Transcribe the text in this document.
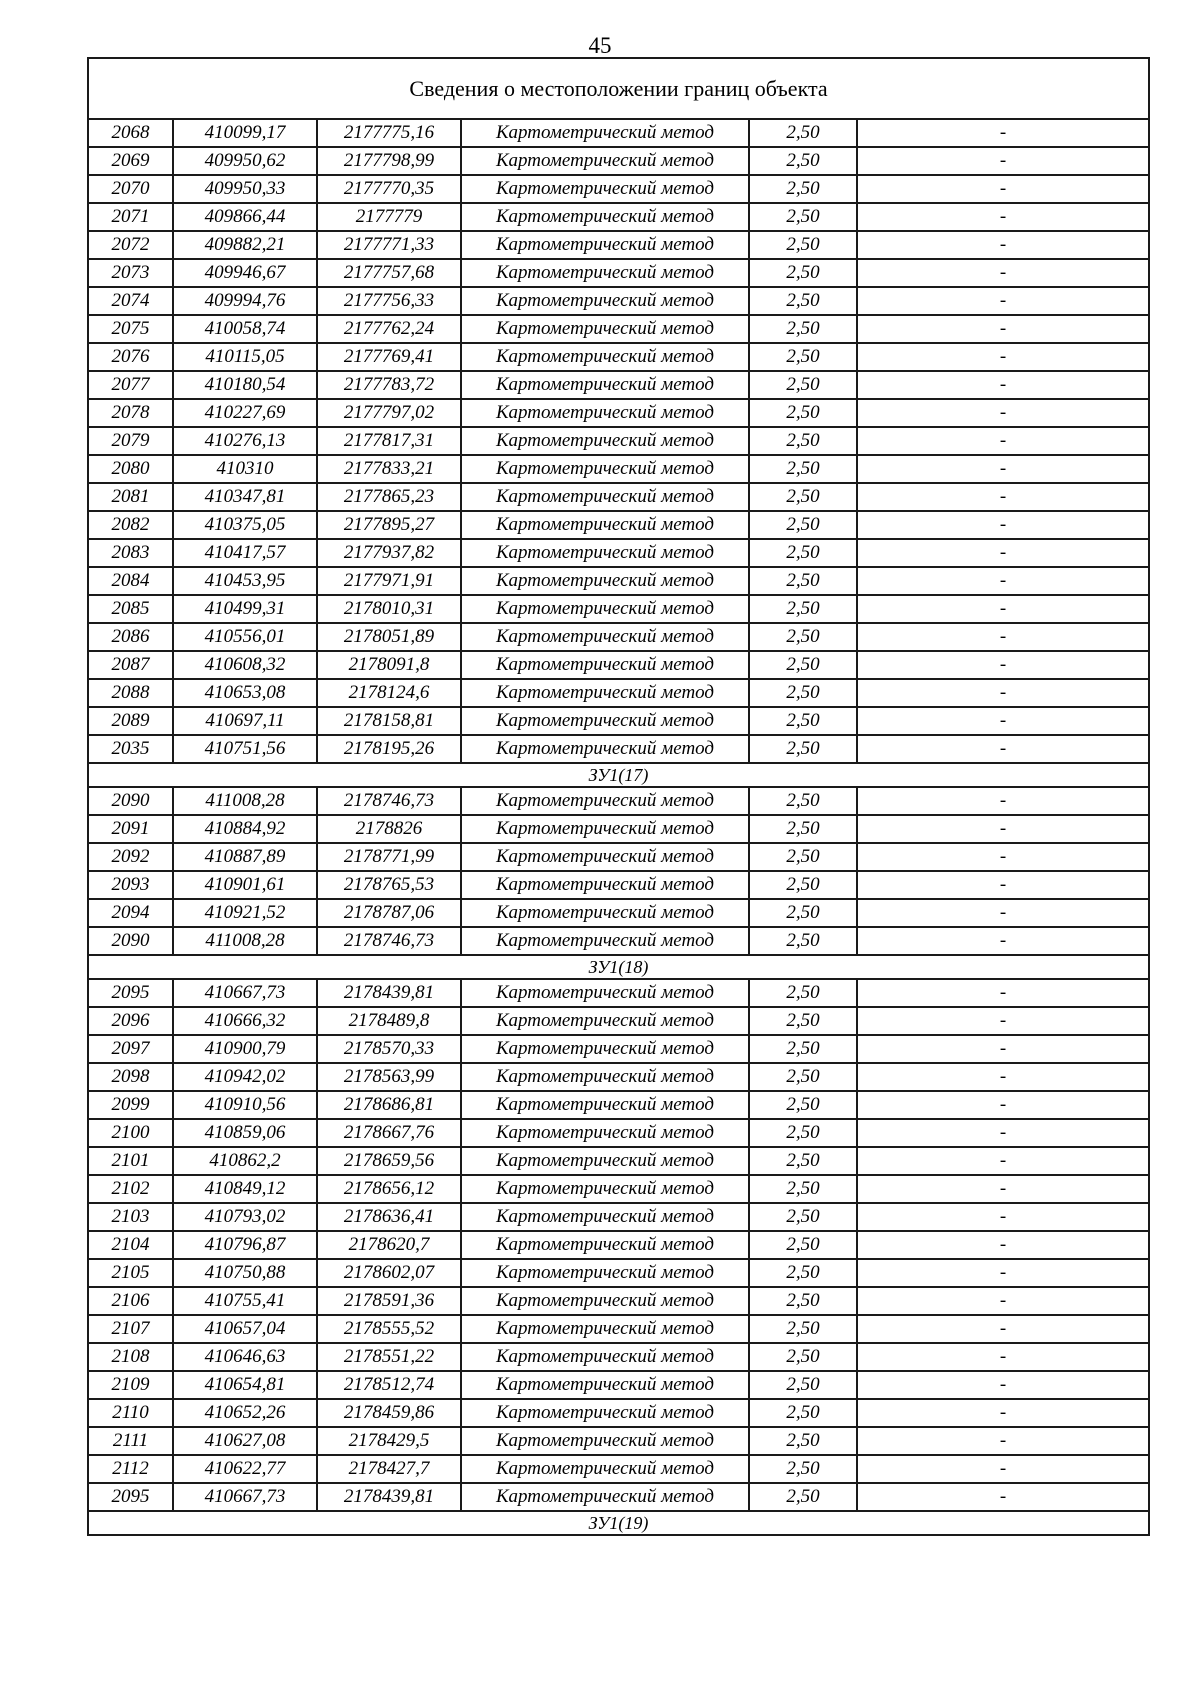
45
Сведения о местоположении границ объекта					
2068	410099,17	2177775,16	Картометрический метод	2,50	-
2069	409950,62	2177798,99	Картометрический метод	2,50	-
2070	409950,33	2177770,35	Картометрический метод	2,50	-
2071	409866,44	2177779	Картометрический метод	2,50	-
2072	409882,21	2177771,33	Картометрический метод	2,50	-
2073	409946,67	2177757,68	Картометрический метод	2,50	-
2074	409994,76	2177756,33	Картометрический метод	2,50	-
2075	410058,74	2177762,24	Картометрический метод	2,50	-
2076	410115,05	2177769,41	Картометрический метод	2,50	-
2077	410180,54	2177783,72	Картометрический метод	2,50	-
2078	410227,69	2177797,02	Картометрический метод	2,50	-
2079	410276,13	2177817,31	Картометрический метод	2,50	-
2080	410310	2177833,21	Картометрический метод	2,50	-
2081	410347,81	2177865,23	Картометрический метод	2,50	-
2082	410375,05	2177895,27	Картометрический метод	2,50	-
2083	410417,57	2177937,82	Картометрический метод	2,50	-
2084	410453,95	2177971,91	Картометрический метод	2,50	-
2085	410499,31	2178010,31	Картометрический метод	2,50	-
2086	410556,01	2178051,89	Картометрический метод	2,50	-
2087	410608,32	2178091,8	Картометрический метод	2,50	-
2088	410653,08	2178124,6	Картометрический метод	2,50	-
2089	410697,11	2178158,81	Картометрический метод	2,50	-
2035	410751,56	2178195,26	Картометрический метод	2,50	-
ЗУ1(17)					
2090	411008,28	2178746,73	Картометрический метод	2,50	-
2091	410884,92	2178826	Картометрический метод	2,50	-
2092	410887,89	2178771,99	Картометрический метод	2,50	-
2093	410901,61	2178765,53	Картометрический метод	2,50	-
2094	410921,52	2178787,06	Картометрический метод	2,50	-
2090	411008,28	2178746,73	Картометрический метод	2,50	-
ЗУ1(18)					
2095	410667,73	2178439,81	Картометрический метод	2,50	-
2096	410666,32	2178489,8	Картометрический метод	2,50	-
2097	410900,79	2178570,33	Картометрический метод	2,50	-
2098	410942,02	2178563,99	Картометрический метод	2,50	-
2099	410910,56	2178686,81	Картометрический метод	2,50	-
2100	410859,06	2178667,76	Картометрический метод	2,50	-
2101	410862,2	2178659,56	Картометрический метод	2,50	-
2102	410849,12	2178656,12	Картометрический метод	2,50	-
2103	410793,02	2178636,41	Картометрический метод	2,50	-
2104	410796,87	2178620,7	Картометрический метод	2,50	-
2105	410750,88	2178602,07	Картометрический метод	2,50	-
2106	410755,41	2178591,36	Картометрический метод	2,50	-
2107	410657,04	2178555,52	Картометрический метод	2,50	-
2108	410646,63	2178551,22	Картометрический метод	2,50	-
2109	410654,81	2178512,74	Картометрический метод	2,50	-
2110	410652,26	2178459,86	Картометрический метод	2,50	-
2111	410627,08	2178429,5	Картометрический метод	2,50	-
2112	410622,77	2178427,7	Картометрический метод	2,50	-
2095	410667,73	2178439,81	Картометрический метод	2,50	-
ЗУ1(19)					
